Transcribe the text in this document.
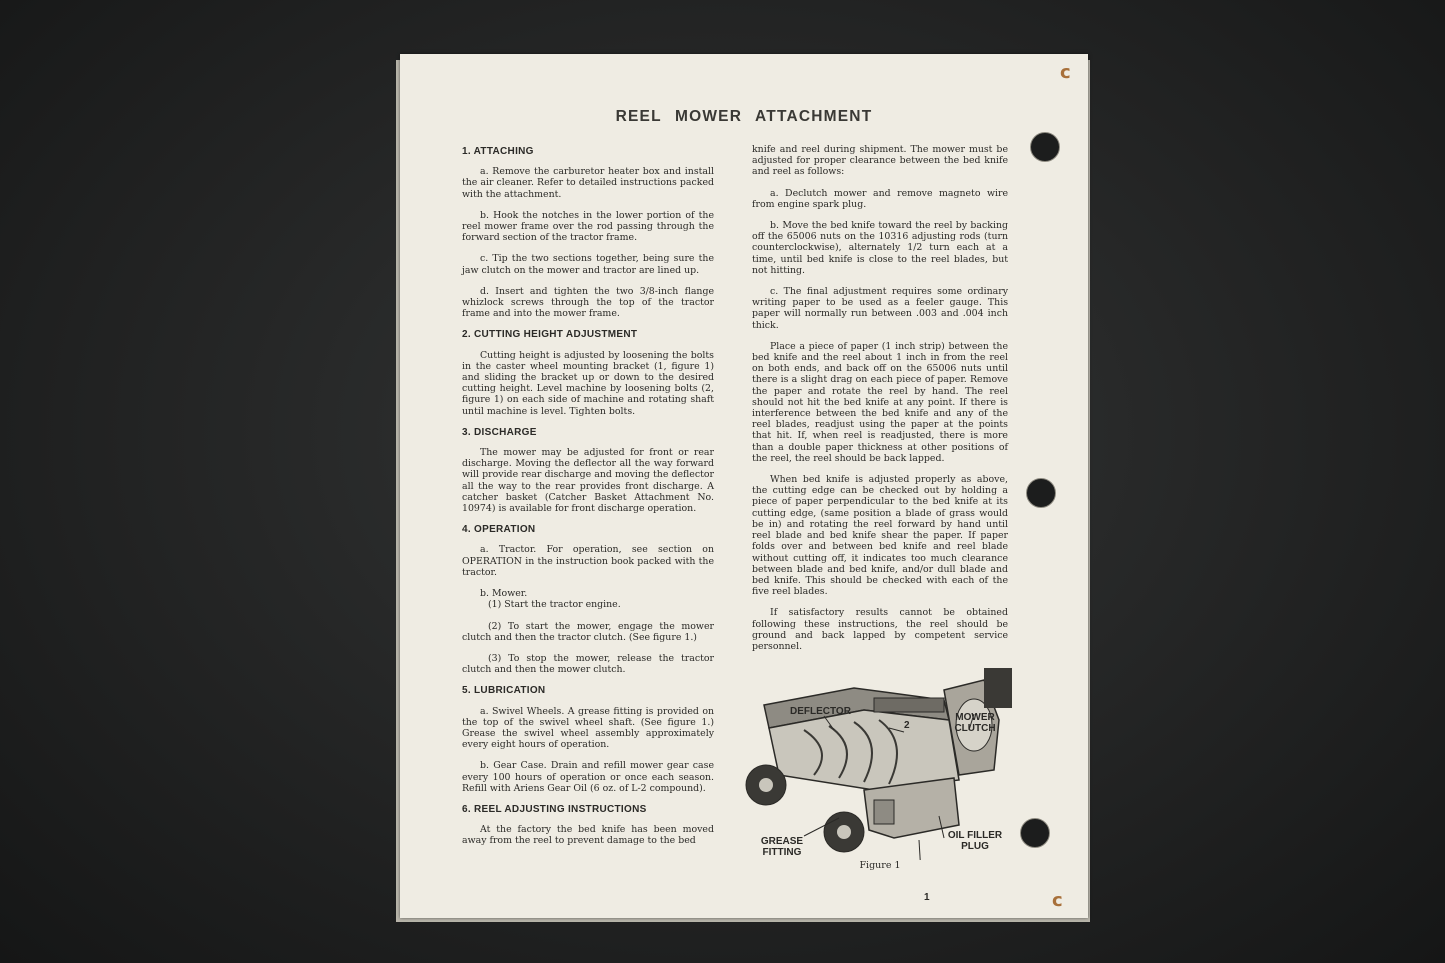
c
c
REEL MOWER ATTACHMENT
1. ATTACHING
a. Remove the carburetor heater box and install the air cleaner. Refer to detailed instructions packed with the attachment.
b. Hook the notches in the lower portion of the reel mower frame over the rod passing through the forward section of the tractor frame.
c. Tip the two sections together, being sure the jaw clutch on the mower and tractor are lined up.
d. Insert and tighten the two 3/8-inch flange whizlock screws through the top of the tractor frame and into the mower frame.
2. CUTTING HEIGHT ADJUSTMENT
Cutting height is adjusted by loosening the bolts in the caster wheel mounting bracket (1, figure 1) and sliding the bracket up or down to the desired cutting height. Level machine by loosening bolts (2, figure 1) on each side of machine and rotating shaft until machine is level. Tighten bolts.
3. DISCHARGE
The mower may be adjusted for front or rear discharge. Moving the deflector all the way forward will provide rear discharge and moving the deflector all the way to the rear provides front discharge. A catcher basket (Catcher Basket Attachment No. 10974) is available for front discharge operation.
4. OPERATION
a. Tractor. For operation, see section on OPERATION in the instruction book packed with the tractor.
b. Mower.
(1) Start the tractor engine.
(2) To start the mower, engage the mower clutch and then the tractor clutch. (See figure 1.)
(3) To stop the mower, release the tractor clutch and then the mower clutch.
5. LUBRICATION
a. Swivel Wheels. A grease fitting is provided on the top of the swivel wheel shaft. (See figure 1.) Grease the swivel wheel assembly approximately every eight hours of operation.
b. Gear Case. Drain and refill mower gear case every 100 hours of operation or once each season. Refill with Ariens Gear Oil (6 oz. of L-2 compound).
6. REEL ADJUSTING INSTRUCTIONS
At the factory the bed knife has been moved away from the reel to prevent damage to the bed
knife and reel during shipment. The mower must be adjusted for proper clearance between the bed knife and reel as follows:
a. Declutch mower and remove magneto wire from engine spark plug.
b. Move the bed knife toward the reel by backing off the 65006 nuts on the 10316 adjusting rods (turn counterclockwise), alternately 1/2 turn each at a time, until bed knife is close to the reel blades, but not hitting.
c. The final adjustment requires some ordinary writing paper to be used as a feeler gauge. This paper will normally run between .003 and .004 inch thick.
Place a piece of paper (1 inch strip) between the bed knife and the reel about 1 inch in from the reel on both ends, and back off on the 65006 nuts until there is a slight drag on each piece of paper. Remove the paper and rotate the reel by hand. The reel should not hit the bed knife at any point. If there is interference between the bed knife and any of the reel blades, readjust using the paper at the points that hit. If, when reel is readjusted, there is more than a double paper thickness at other positions of the reel, the reel should be back lapped.
When bed knife is adjusted properly as above, the cutting edge can be checked out by holding a piece of paper perpendicular to the bed knife at its cutting edge, (same position a blade of grass would be in) and rotating the reel forward by hand until reel blade and bed knife shear the paper. If paper folds over and between bed knife and reel blade without cutting off, it indicates too much clearance between blade and bed knife, and/or dull blade and bed knife. This should be checked with each of the five reel blades.
If satisfactory results cannot be obtained following these instructions, the reel should be ground and back lapped by competent service personnel.
DEFLECTOR
2
MOWER CLUTCH
GREASE FITTING
OIL FILLER PLUG
1
Figure 1
